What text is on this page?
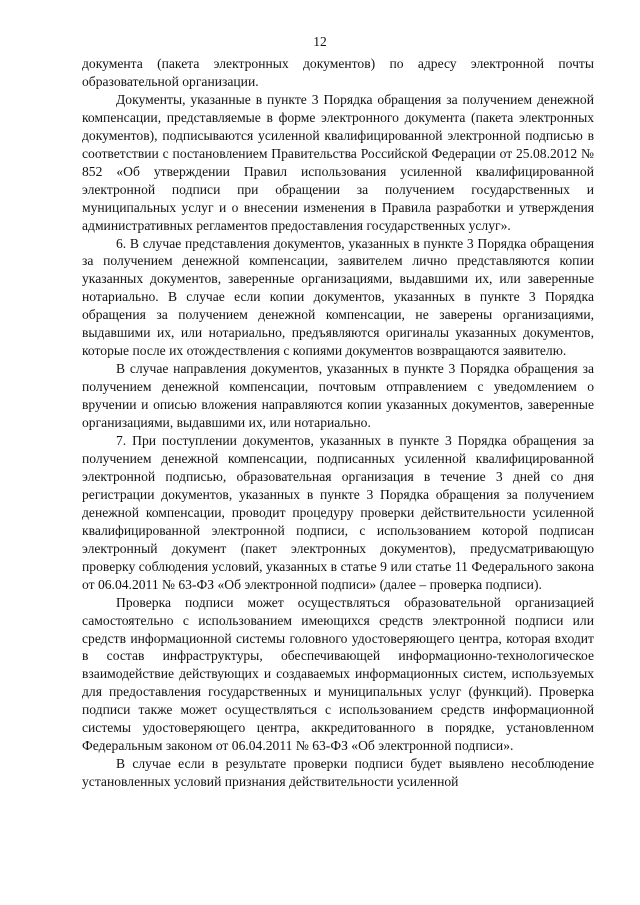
12

документа (пакета электронных документов) по адресу электронной почты образовательной организации.

Документы, указанные в пункте 3 Порядка обращения за получением денежной компенсации, представляемые в форме электронного документа (пакета электронных документов), подписываются усиленной квалифицированной электронной подписью в соответствии с постановлением Правительства Российской Федерации от 25.08.2012 № 852 «Об утверждении Правил использования усиленной квалифицированной электронной подписи при обращении за получением государственных и муниципальных услуг и о внесении изменения в Правила разработки и утверждения административных регламентов предоставления государственных услуг».

6. В случае представления документов, указанных в пункте 3 Порядка обращения за получением денежной компенсации, заявителем лично представляются копии указанных документов, заверенные организациями, выдавшими их, или заверенные нотариально. В случае если копии документов, указанных в пункте 3 Порядка обращения за получением денежной компенсации, не заверены организациями, выдавшими их, или нотариально, предъявляются оригиналы указанных документов, которые после их отождествления с копиями документов возвращаются заявителю.

В случае направления документов, указанных в пункте 3 Порядка обращения за получением денежной компенсации, почтовым отправлением с уведомлением о вручении и описью вложения направляются копии указанных документов, заверенные организациями, выдавшими их, или нотариально.

7. При поступлении документов, указанных в пункте 3 Порядка обращения за получением денежной компенсации, подписанных усиленной квалифицированной электронной подписью, образовательная организация в течение 3 дней со дня регистрации документов, указанных в пункте 3 Порядка обращения за получением денежной компенсации, проводит процедуру проверки действительности усиленной квалифицированной электронной подписи, с использованием которой подписан электронный документ (пакет электронных документов), предусматривающую проверку соблюдения условий, указанных в статье 9 или статье 11 Федерального закона от 06.04.2011 № 63-ФЗ «Об электронной подписи» (далее – проверка подписи).

Проверка подписи может осуществляться образовательной организацией самостоятельно с использованием имеющихся средств электронной подписи или средств информационной системы головного удостоверяющего центра, которая входит в состав инфраструктуры, обеспечивающей информационно-технологическое взаимодействие действующих и создаваемых информационных систем, используемых для предоставления государственных и муниципальных услуг (функций). Проверка подписи также может осуществляться с использованием средств информационной системы удостоверяющего центра, аккредитованного в порядке, установленном Федеральным законом от 06.04.2011 № 63-ФЗ «Об электронной подписи».

В случае если в результате проверки подписи будет выявлено несоблюдение установленных условий признания действительности усиленной
